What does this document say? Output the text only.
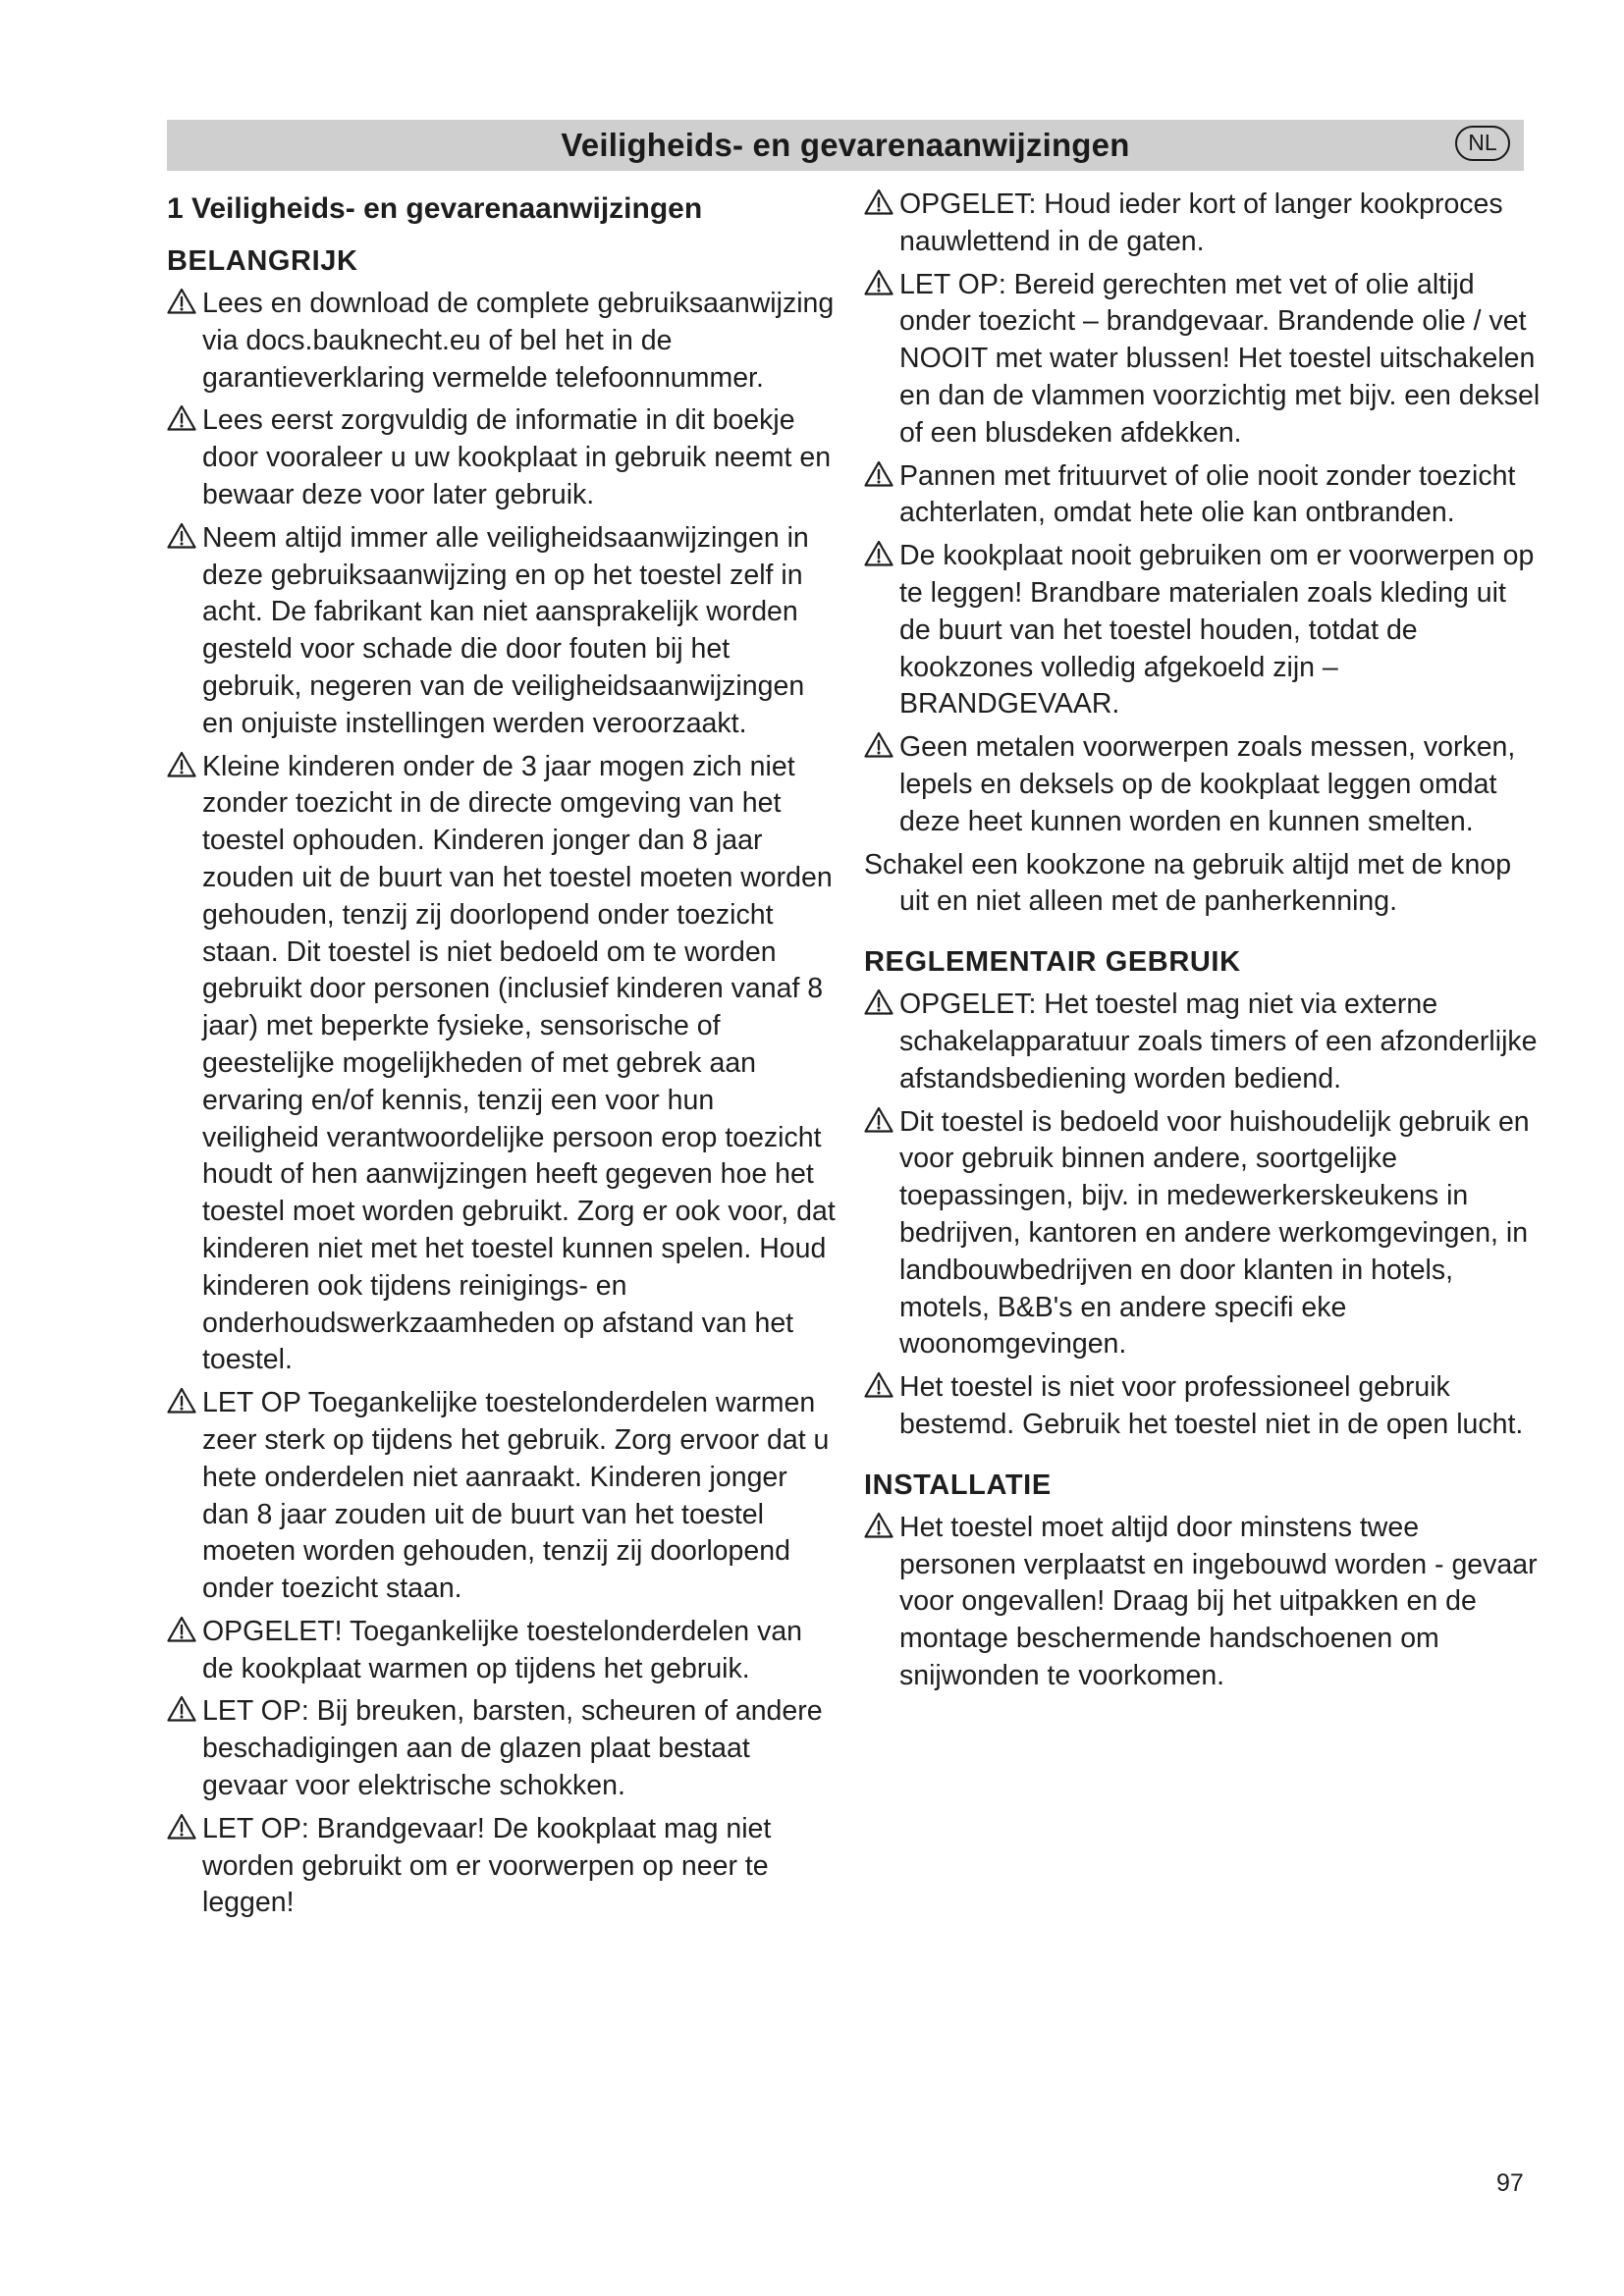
Veiligheids- en gevarenaanwijzingen	NL
1 Veiligheids- en gevarenaanwijzingen
BELANGRIJK

Lees en download de complete gebruiksaanwijzing via docs.bauknecht.eu of bel het in de garantieverklaring vermelde telefoonnummer.

Lees eerst zorgvuldig de informatie in dit boekje door vooraleer u uw kookplaat in gebruik neemt en bewaar deze voor later gebruik.

Neem altijd immer alle veiligheidsaanwijzingen in deze gebruiksaanwijzing en op het toestel zelf in acht. De fabrikant kan niet aansprakelijk worden gesteld voor schade die door fouten bij het gebruik, negeren van de veiligheidsaanwijzingen en onjuiste instellingen werden veroorzaakt.

Kleine kinderen onder de 3 jaar mogen zich niet zonder toezicht in de directe omgeving van het toestel ophouden. Kinderen jonger dan 8 jaar zouden uit de buurt van het toestel moeten worden gehouden, tenzij zij doorlopend onder toezicht staan. Dit toestel is niet bedoeld om te worden gebruikt door personen (inclusief kinderen vanaf 8 jaar) met beperkte fysieke, sensorische of geestelijke mogelijkheden of met gebrek aan ervaring en/of kennis, tenzij een voor hun veiligheid verantwoordelijke persoon erop toezicht houdt of hen aanwijzingen heeft gegeven hoe het toestel moet worden gebruikt. Zorg er ook voor, dat kinderen niet met het toestel kunnen spelen. Houd kinderen ook tijdens reinigings- en onderhoudswerkzaamheden op afstand van het toestel.

LET OP Toegankelijke toestelonderdelen warmen zeer sterk op tijdens het gebruik. Zorg ervoor dat u hete onderdelen niet aanraakt. Kinderen jonger dan 8 jaar zouden uit de buurt van het toestel moeten worden gehouden, tenzij zij doorlopend onder toezicht staan.

OPGELET! Toegankelijke toestelonderdelen van de kookplaat warmen op tijdens het gebruik.

LET OP: Bij breuken, barsten, scheuren of andere beschadigingen aan de glazen plaat bestaat gevaar voor elektrische schokken.

LET OP: Brandgevaar! De kookplaat mag niet worden gebruikt om er voorwerpen op neer te leggen!

OPGELET: Houd ieder kort of langer kookproces nauwlettend in de gaten.

LET OP: Bereid gerechten met vet of olie altijd onder toezicht – brandgevaar. Brandende olie / vet NOOIT met water blussen! Het toestel uitschakelen en dan de vlammen voorzichtig met bijv. een deksel of een blusdeken afdekken.

Pannen met frituurvet of olie nooit zonder toezicht achterlaten, omdat hete olie kan ontbranden.

De kookplaat nooit gebruiken om er voorwerpen op te leggen! Brandbare materialen zoals kleding uit de buurt van het toestel houden, totdat de kookzones volledig afgekoeld zijn – BRANDGEVAAR.

Geen metalen voorwerpen zoals messen, vorken, lepels en deksels op de kookplaat leggen omdat deze heet kunnen worden en kunnen smelten.

Schakel een kookzone na gebruik altijd met de knop uit en niet alleen met de panherkenning.

REGLEMENTAIR GEBRUIK

OPGELET: Het toestel mag niet via externe schakelapparatuur zoals timers of een afzonderlijke afstandsbediening worden bediend.

Dit toestel is bedoeld voor huishoudelijk gebruik en voor gebruik binnen andere, soortgelijke toepassingen, bijv. in medewerkerskeukens in bedrijven, kantoren en andere werkomgevingen, in landbouwbedrijven en door klanten in hotels, motels, B&B's en andere specifi eke woonomgevingen.

Het toestel is niet voor professioneel gebruik bestemd. Gebruik het toestel niet in de open lucht.

INSTALLATIE

Het toestel moet altijd door minstens twee personen verplaatst en ingebouwd worden - gevaar voor ongevallen! Draag bij het uitpakken en de montage beschermende handschoenen om snijwonden te voorkomen.

97
